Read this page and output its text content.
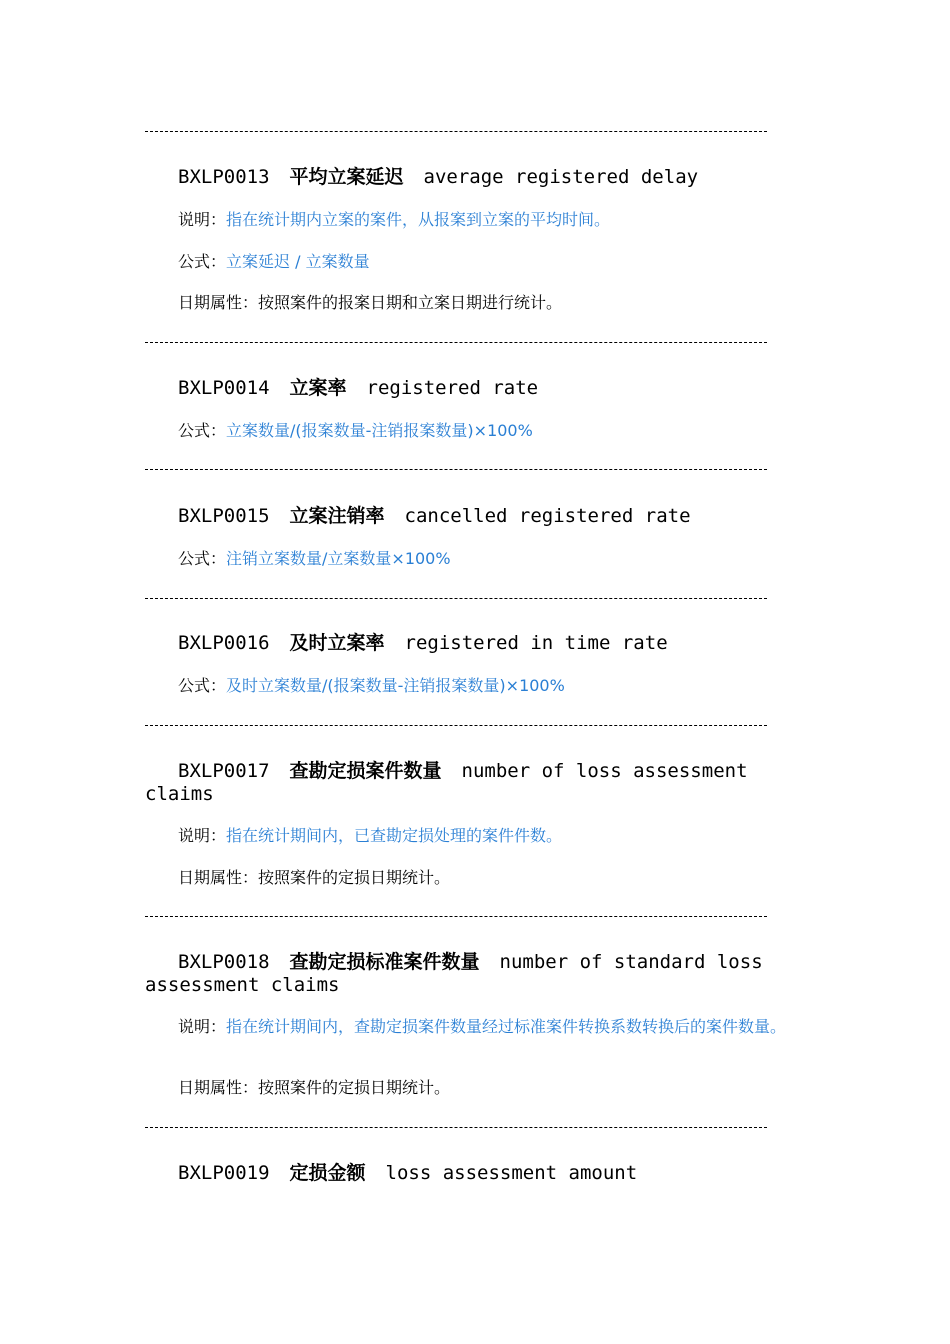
BXLP0013 平均立案延迟 average registered delay
说明：指在统计期内立案的案件，从报案到立案的平均时间。
公式：立案延迟 / 立案数量
日期属性：按照案件的报案日期和立案日期进行统计。
BXLP0014 立案率 registered rate
公式：立案数量/(报案数量-注销报案数量)×100%
BXLP0015 立案注销率 cancelled registered rate
公式：注销立案数量/立案数量×100%
BXLP0016 及时立案率 registered in time rate
公式：及时立案数量/(报案数量-注销报案数量)×100%
BXLP0017 查勘定损案件数量 number of loss assessment claims
说明：指在统计期间内，已查勘定损处理的案件件数。
日期属性：按照案件的定损日期统计。
BXLP0018 查勘定损标准案件数量 number of standard loss assessment claims
说明：指在统计期间内，查勘定损案件数量经过标准案件转换系数转换后的案件数量。
日期属性：按照案件的定损日期统计。
BXLP0019 定损金额 loss assessment amount
